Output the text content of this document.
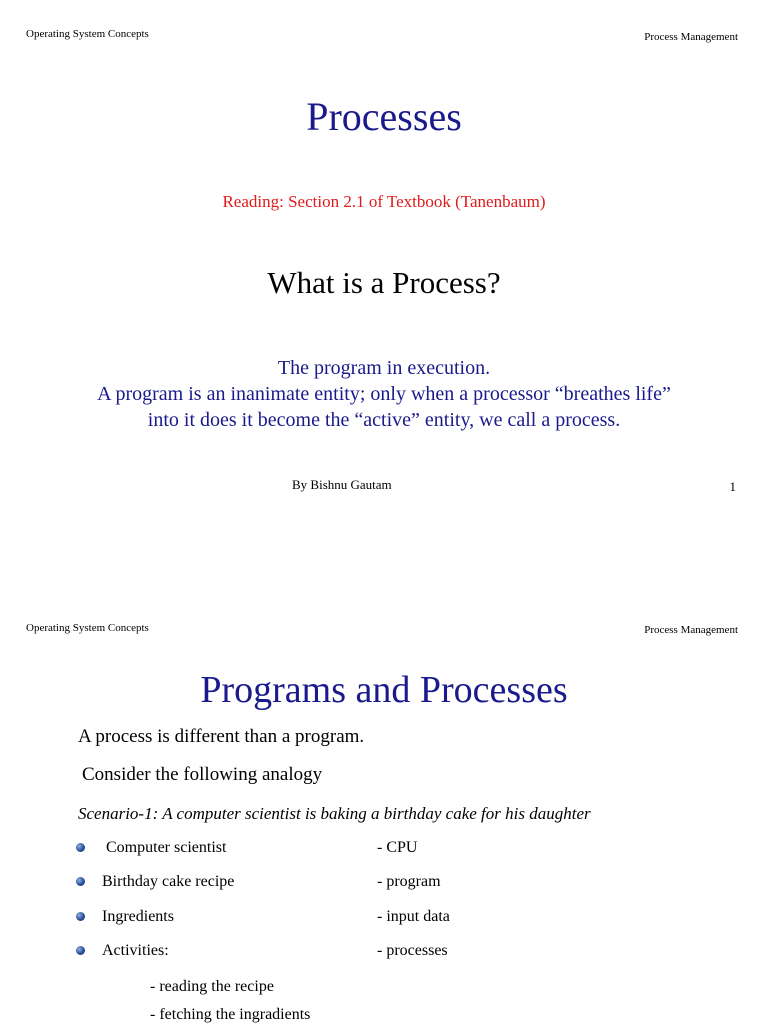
Operating System Concepts	Process Management
Processes
Reading: Section 2.1 of Textbook (Tanenbaum)
What is a Process?
The program in execution.
A program is an inanimate entity; only when a processor “breathes life”
into it does it become the “active” entity, we call a process.
By Bishnu Gautam	1
Operating System Concepts	Process Management
Programs and Processes
A process is different than a program.
Consider the following analogy
Scenario-1: A computer scientist is baking a birthday cake for his daughter
Computer scientist	- CPU
Birthday cake recipe	- program
Ingredients	- input data
Activities:	- processes
- reading the recipe
- fetching the ingradients
